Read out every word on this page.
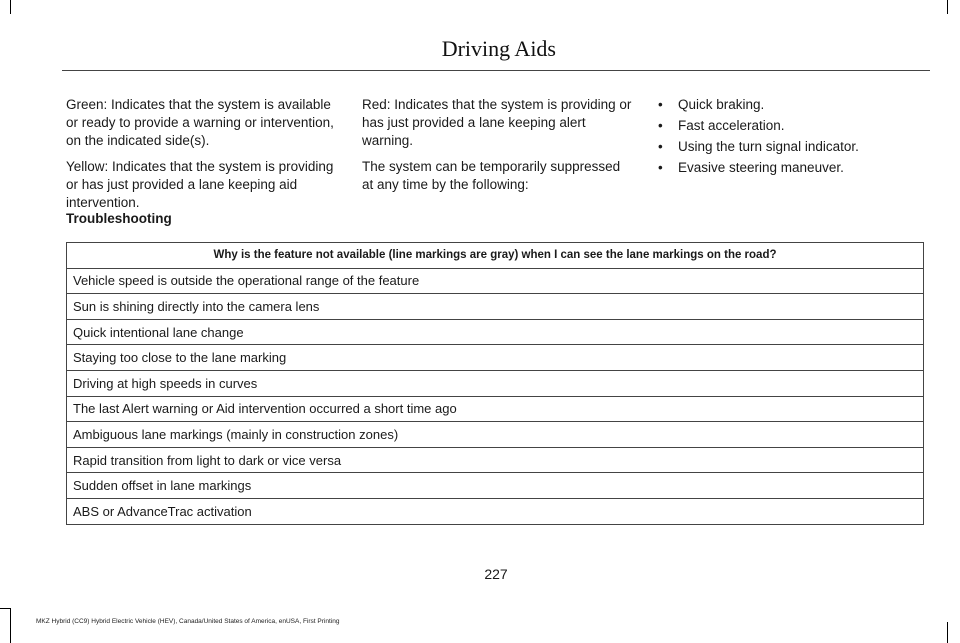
Driving Aids

Green: Indicates that the system is available or ready to provide a warning or intervention, on the indicated side(s).

Yellow: Indicates that the system is providing or has just provided a lane keeping aid intervention.

Red: Indicates that the system is providing or has just provided a lane keeping alert warning.

The system can be temporarily suppressed at any time by the following:

• Quick braking.
• Fast acceleration.
• Using the turn signal indicator.
• Evasive steering maneuver.
Troubleshooting
Why is the feature not available (line markings are gray) when I can see the lane markings on the road?
Vehicle speed is outside the operational range of the feature
Sun is shining directly into the camera lens
Quick intentional lane change
Staying too close to the lane marking
Driving at high speeds in curves
The last Alert warning or Aid intervention occurred a short time ago
Ambiguous lane markings (mainly in construction zones)
Rapid transition from light to dark or vice versa
Sudden offset in lane markings
ABS or AdvanceTrac activation
227
MKZ Hybrid (CC9) Hybrid Electric Vehicle (HEV), Canada/United States of America, enUSA, First Printing
